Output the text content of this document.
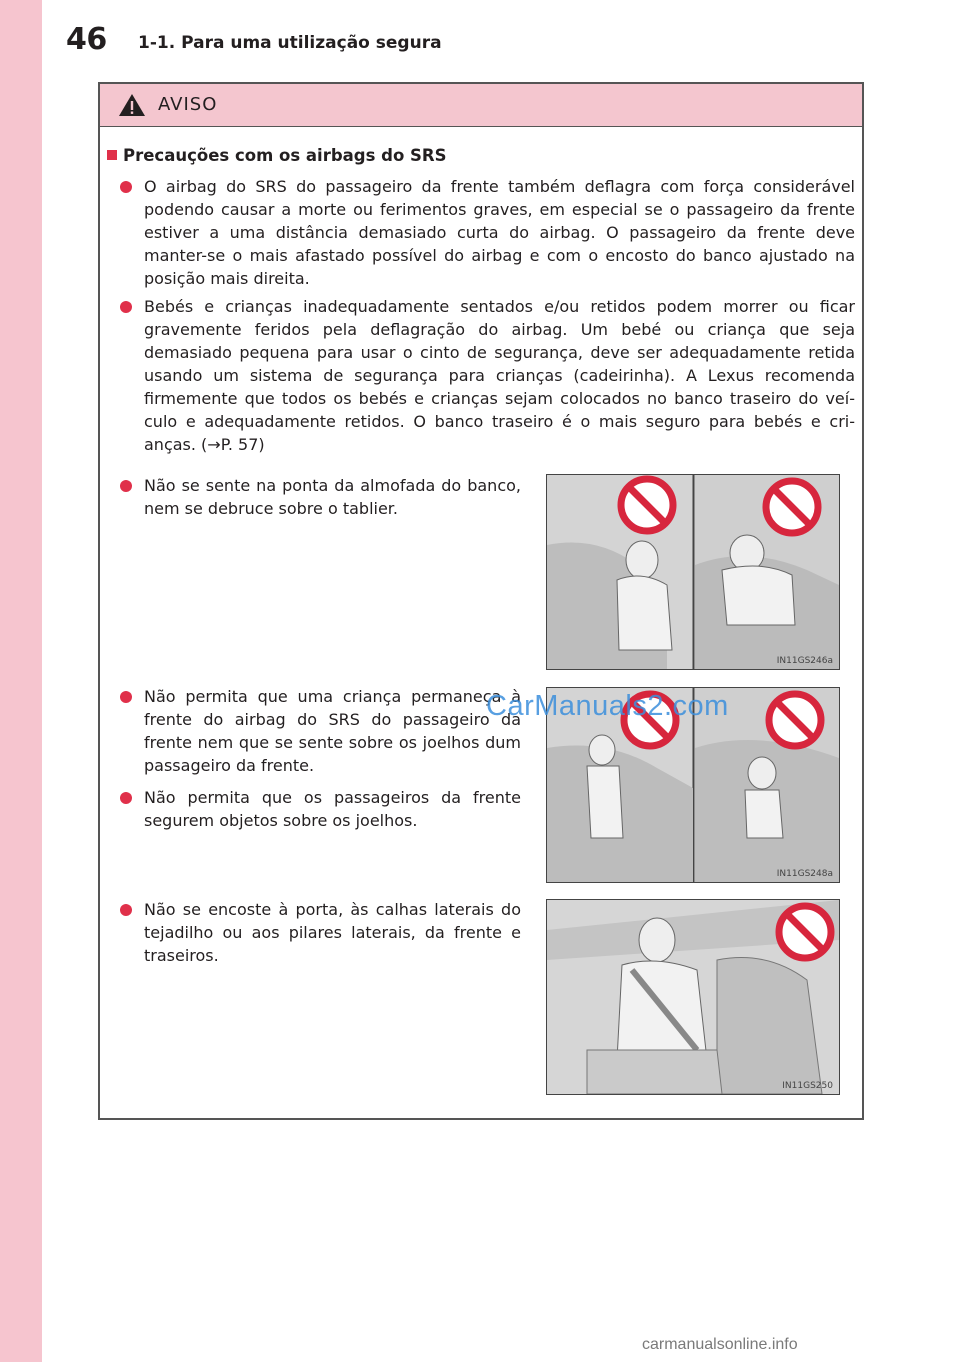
46 1-1. Para uma utilização segura
AVISO
Precauções com os airbags do SRS
O airbag do SRS do passageiro da frente também deflagra com força considerável podendo causar a morte ou ferimentos graves, em especial se o passageiro da frente estiver a uma distância demasiado curta do airbag. O passageiro da frente deve manter-se o mais afastado possível do airbag e com o encosto do banco ajustado na posição mais direita.
Bebés e crianças inadequadamente sentados e/ou retidos podem morrer ou ficar gravemente feridos pela deflagração do airbag. Um bebé ou criança que seja demasiado pequena para usar o cinto de segurança, deve ser adequadamente retida usando um sistema de segurança para crianças (cadeirinha). A Lexus recomenda firmemente que todos os bebés e crianças sejam colocados no banco traseiro do veí-culo e adequadamente retidos. O banco traseiro é o mais seguro para bebés e cri-anças. (→P. 57)
Não se sente na ponta da almofada do banco, nem se debruce sobre o tablier.
Não permita que uma criança permaneça à frente do airbag do SRS do passageiro da frente nem que se sente sobre os joelhos dum passageiro da frente.
Não permita que os passageiros da frente segurem objetos sobre os joelhos.
Não se encoste à porta, às calhas laterais do tejadilho ou aos pilares laterais, da frente e traseiros.
IN11GS246a
IN11GS248a
IN11GS250
CarManuals2.com
carmanualsonline.info
